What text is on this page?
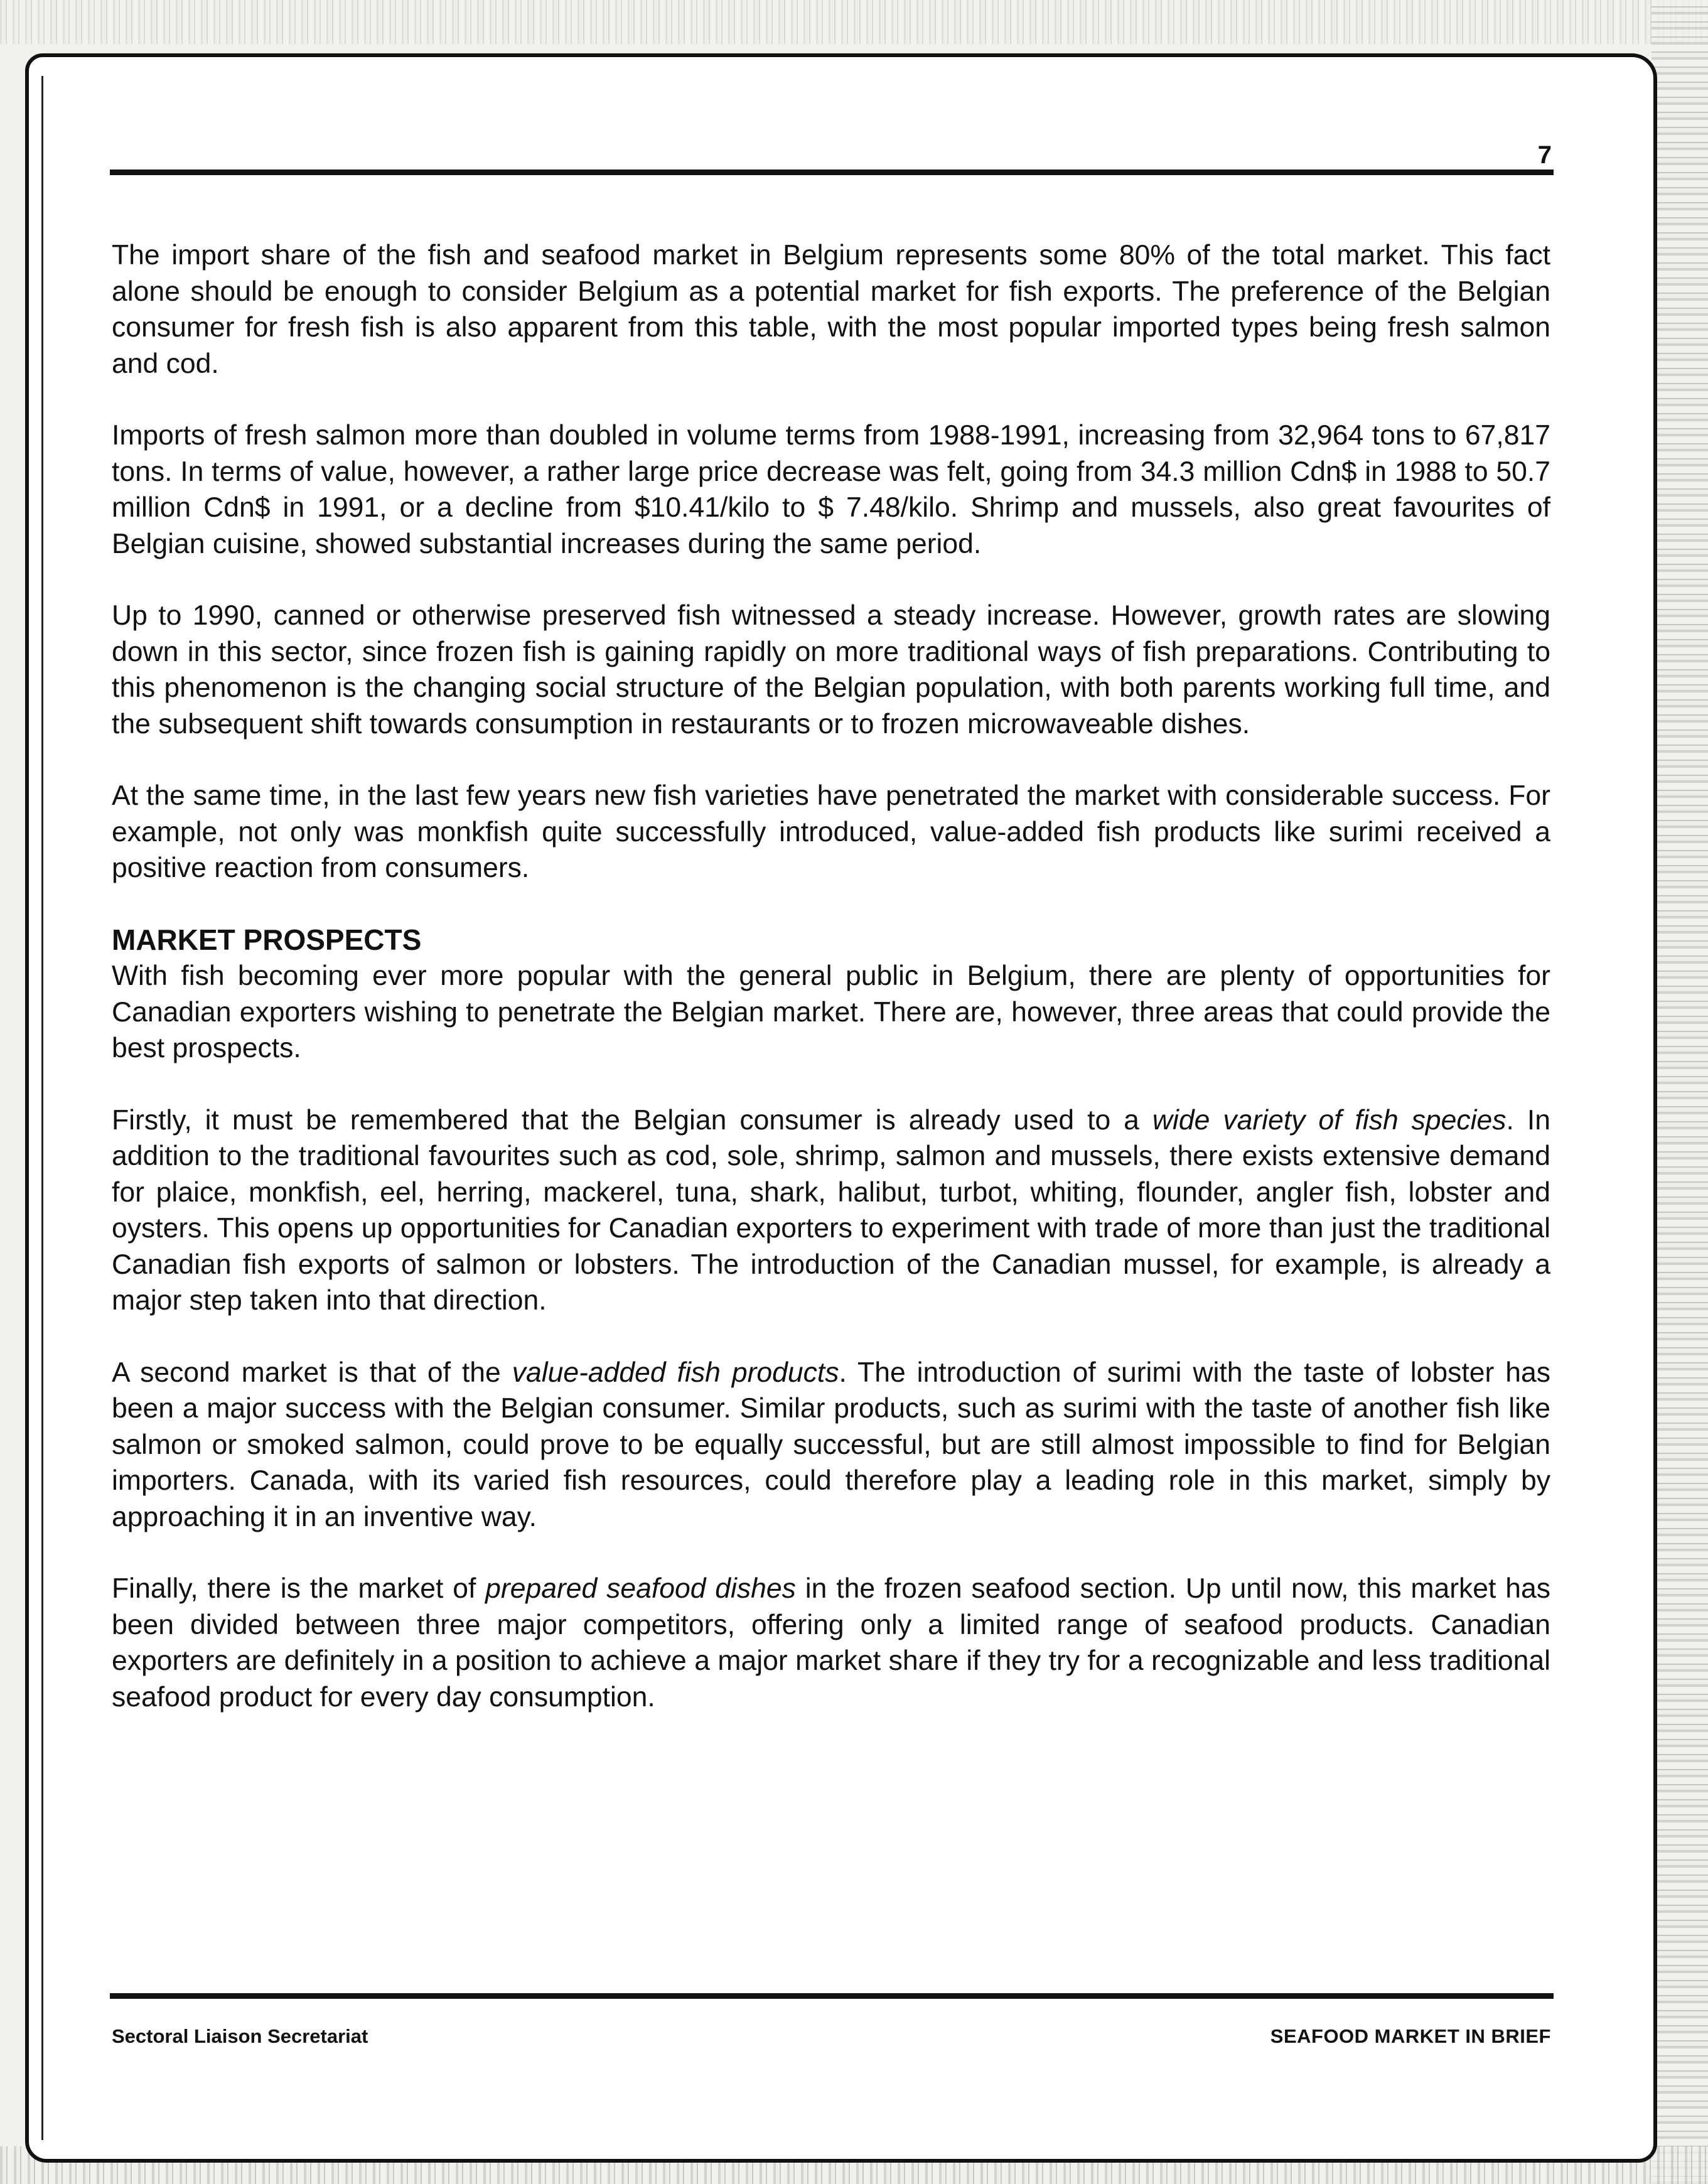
7

The import share of the fish and seafood market in Belgium represents some 80% of the total market. This fact alone should be enough to consider Belgium as a potential market for fish exports. The preference of the Belgian consumer for fresh fish is also apparent from this table, with the most popular imported types being fresh salmon and cod.

Imports of fresh salmon more than doubled in volume terms from 1988-1991, increasing from 32,964 tons to 67,817 tons. In terms of value, however, a rather large price decrease was felt, going from 34.3 million Cdn$ in 1988 to 50.7 million Cdn$ in 1991, or a decline from $10.41/kilo to $ 7.48/kilo. Shrimp and mussels, also great favourites of Belgian cuisine, showed substantial increases during the same period.

Up to 1990, canned or otherwise preserved fish witnessed a steady increase. However, growth rates are slowing down in this sector, since frozen fish is gaining rapidly on more traditional ways of fish preparations. Contributing to this phenomenon is the changing social structure of the Belgian population, with both parents working full time, and the subsequent shift towards consumption in restaurants or to frozen microwaveable dishes.

At the same time, in the last few years new fish varieties have penetrated the market with considerable success. For example, not only was monkfish quite successfully introduced, value-added fish products like surimi received a positive reaction from consumers.

MARKET PROSPECTS

With fish becoming ever more popular with the general public in Belgium, there are plenty of opportunities for Canadian exporters wishing to penetrate the Belgian market. There are, however, three areas that could provide the best prospects.

Firstly, it must be remembered that the Belgian consumer is already used to a wide variety of fish species. In addition to the traditional favourites such as cod, sole, shrimp, salmon and mussels, there exists extensive demand for plaice, monkfish, eel, herring, mackerel, tuna, shark, halibut, turbot, whiting, flounder, angler fish, lobster and oysters. This opens up opportunities for Canadian exporters to experiment with trade of more than just the traditional Canadian fish exports of salmon or lobsters. The introduction of the Canadian mussel, for example, is already a major step taken into that direction.

A second market is that of the value-added fish products. The introduction of surimi with the taste of lobster has been a major success with the Belgian consumer. Similar products, such as surimi with the taste of another fish like salmon or smoked salmon, could prove to be equally successful, but are still almost impossible to find for Belgian importers. Canada, with its varied fish resources, could therefore play a leading role in this market, simply by approaching it in an inventive way.

Finally, there is the market of prepared seafood dishes in the frozen seafood section. Up until now, this market has been divided between three major competitors, offering only a limited range of seafood products. Canadian exporters are definitely in a position to achieve a major market share if they try for a recognizable and less traditional seafood product for every day consumption.

Sectoral Liaison Secretariat	SEAFOOD MARKET IN BRIEF
